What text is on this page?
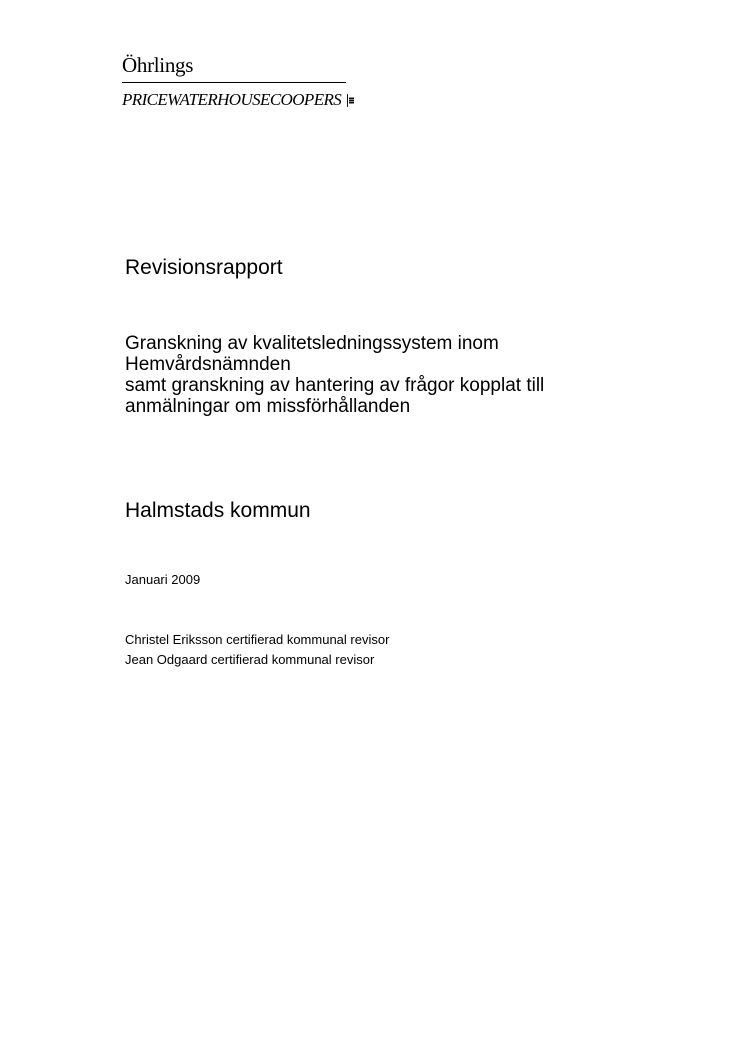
Öhrlings
PRICEWATERHOUSECOOPERS
Revisionsrapport
Granskning av kvalitetsledningssystem inom
Hemvårdsnämnden
samt granskning av hantering av frågor kopplat till
anmälningar om missförhållanden
Halmstads kommun
Januari 2009
Christel Eriksson certifierad kommunal revisor
Jean Odgaard certifierad kommunal revisor
